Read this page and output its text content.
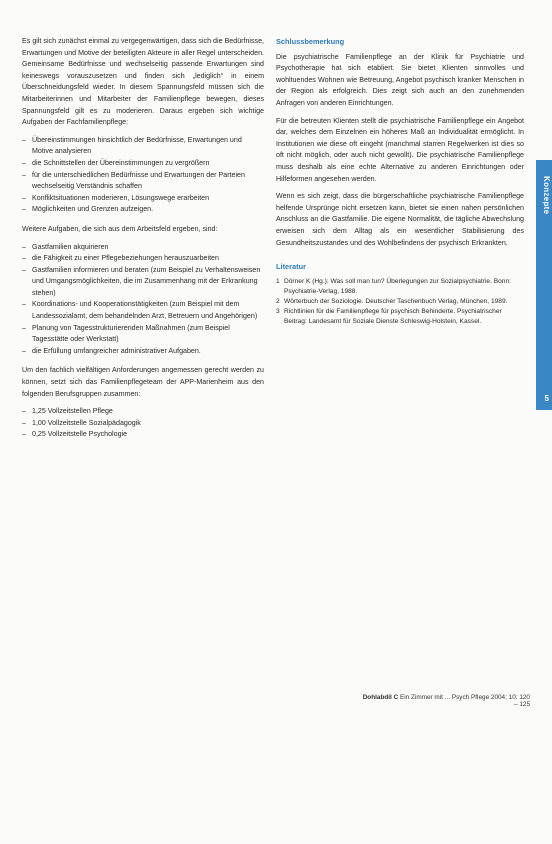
Es gilt sich zunächst einmal zu vergegenwärtigen, dass sich die Bedürfnisse, Erwartungen und Motive der beteiligten Akteure in aller Regel unterscheiden. Gemeinsame Bedürfnisse und wechselseitig passende Erwartungen sind keineswegs vorauszusetzen und finden sich „lediglich“ in einem Überschneidungsfeld wieder. In diesem Spannungsfeld müssen sich die Mitarbeiterinnen und Mitarbeiter der Familienpflege bewegen, dieses Spannungsfeld gilt es zu moderieren. Daraus ergeben sich wichtige Aufgaben der Fachfamilienpflege:

– Übereinstimmungen hinsichtlich der Bedürfnisse, Erwartungen und Motive analysieren
– die Schnittstellen der Übereinstimmungen zu vergrößern
– für die unterschiedlichen Bedürfnisse und Erwartungen der Parteien wechselseitig Verständnis schaffen
– Konfliktsituationen moderieren, Lösungswege erarbeiten
– Möglichkeiten und Grenzen aufzeigen.

Weitere Aufgaben, die sich aus dem Arbeitsfeld ergeben, sind:

– Gastfamilien akquirieren
– die Fähigkeit zu einer Pflegebeziehungen herauszuarbeiten
– Gastfamilien informieren und beraten (zum Beispiel zu Verhaltensweisen und Umgangsmöglichkeiten, die im Zusammenhang mit der Erkrankung stehen)
– Koordinations- und Kooperationstätigkeiten (zum Beispiel mit dem Landessozialamt, dem behandelnden Arzt, Betreuern und Angehörigen)
– Planung von Tagesstrukturierenden Maßnahmen (zum Beispiel Tagesstätte oder Werkstatt)
– die Erfüllung umfangreicher administrativer Aufgaben.

Um den fachlich vielfältigen Anforderungen angemessen gerecht werden zu können, setzt sich das Familienpflegeteam der APP-Marienheim aus den folgenden Berufsgruppen zusammen:

– 1,25 Vollzeitstellen Pflege
– 1,00 Vollzeitstelle Sozialpädagogik
– 0,25 Vollzeitstelle Psychologie

Schlussbemerkung

Die psychiatrische Familienpflege an der Klinik für Psychiatrie und Psychotherapie hat sich etabliert. Sie bietet Klienten sinnvolles und wohltuendes Wohnen wie Betreuung, Angebot psychisch kranker Menschen in der Region als erfolgreich. Dies zeigt sich auch an den zunehmenden Anfragen von anderen Einrichtungen.

Für die betreuten Klienten stellt die psychiatrische Familienpflege ein Angebot dar, welches dem Einzelnen ein höheres Maß an Individualität ermöglicht. In Institutionen wie diese oft eingeht (manchmal starren Regelwerken ist dies so oft nicht möglich, oder auch nicht gewollt). Die psychiatrische Familienpflege muss deshalb als eine echte Alternative zu anderen Einrichtungen oder Hilfeformen angesehen werden.

Wenn es sich zeigt, dass die bürgerschaftliche psychiatrische Familienpflege helfende Ursprünge nicht ersetzen kann, bietet sie einen nahen persönlichen Anschluss an die Gastfamilie. Die eigene Normalität, die tägliche Abwechslung erweisen sich dem Alltag als ein wesentlicher Stabilisierung des Gesundheitszustandes und des Wohlbefindens der psychisch Erkrankten.

Literatur

1 Dörner K (Hg.): Was soll man tun? Überlegungen zur Sozialpsychiatrie. Bonn: Psychiatrie-Verlag, 1988.
2 Wörterbuch der Soziologie. Deutscher Taschenbuch Verlag, München, 1989.
3 Richtlinien für die Familienpflege für psychisch Behinderte. Psychiatrischer Beitrag: Landesamt für Soziale Dienste Schleswig-Holstein, Kassel.
Konzepte
5
Dohlabdil C Ein Zimmer mit ... Psych Pflege 2004; 10: 120 – 125
